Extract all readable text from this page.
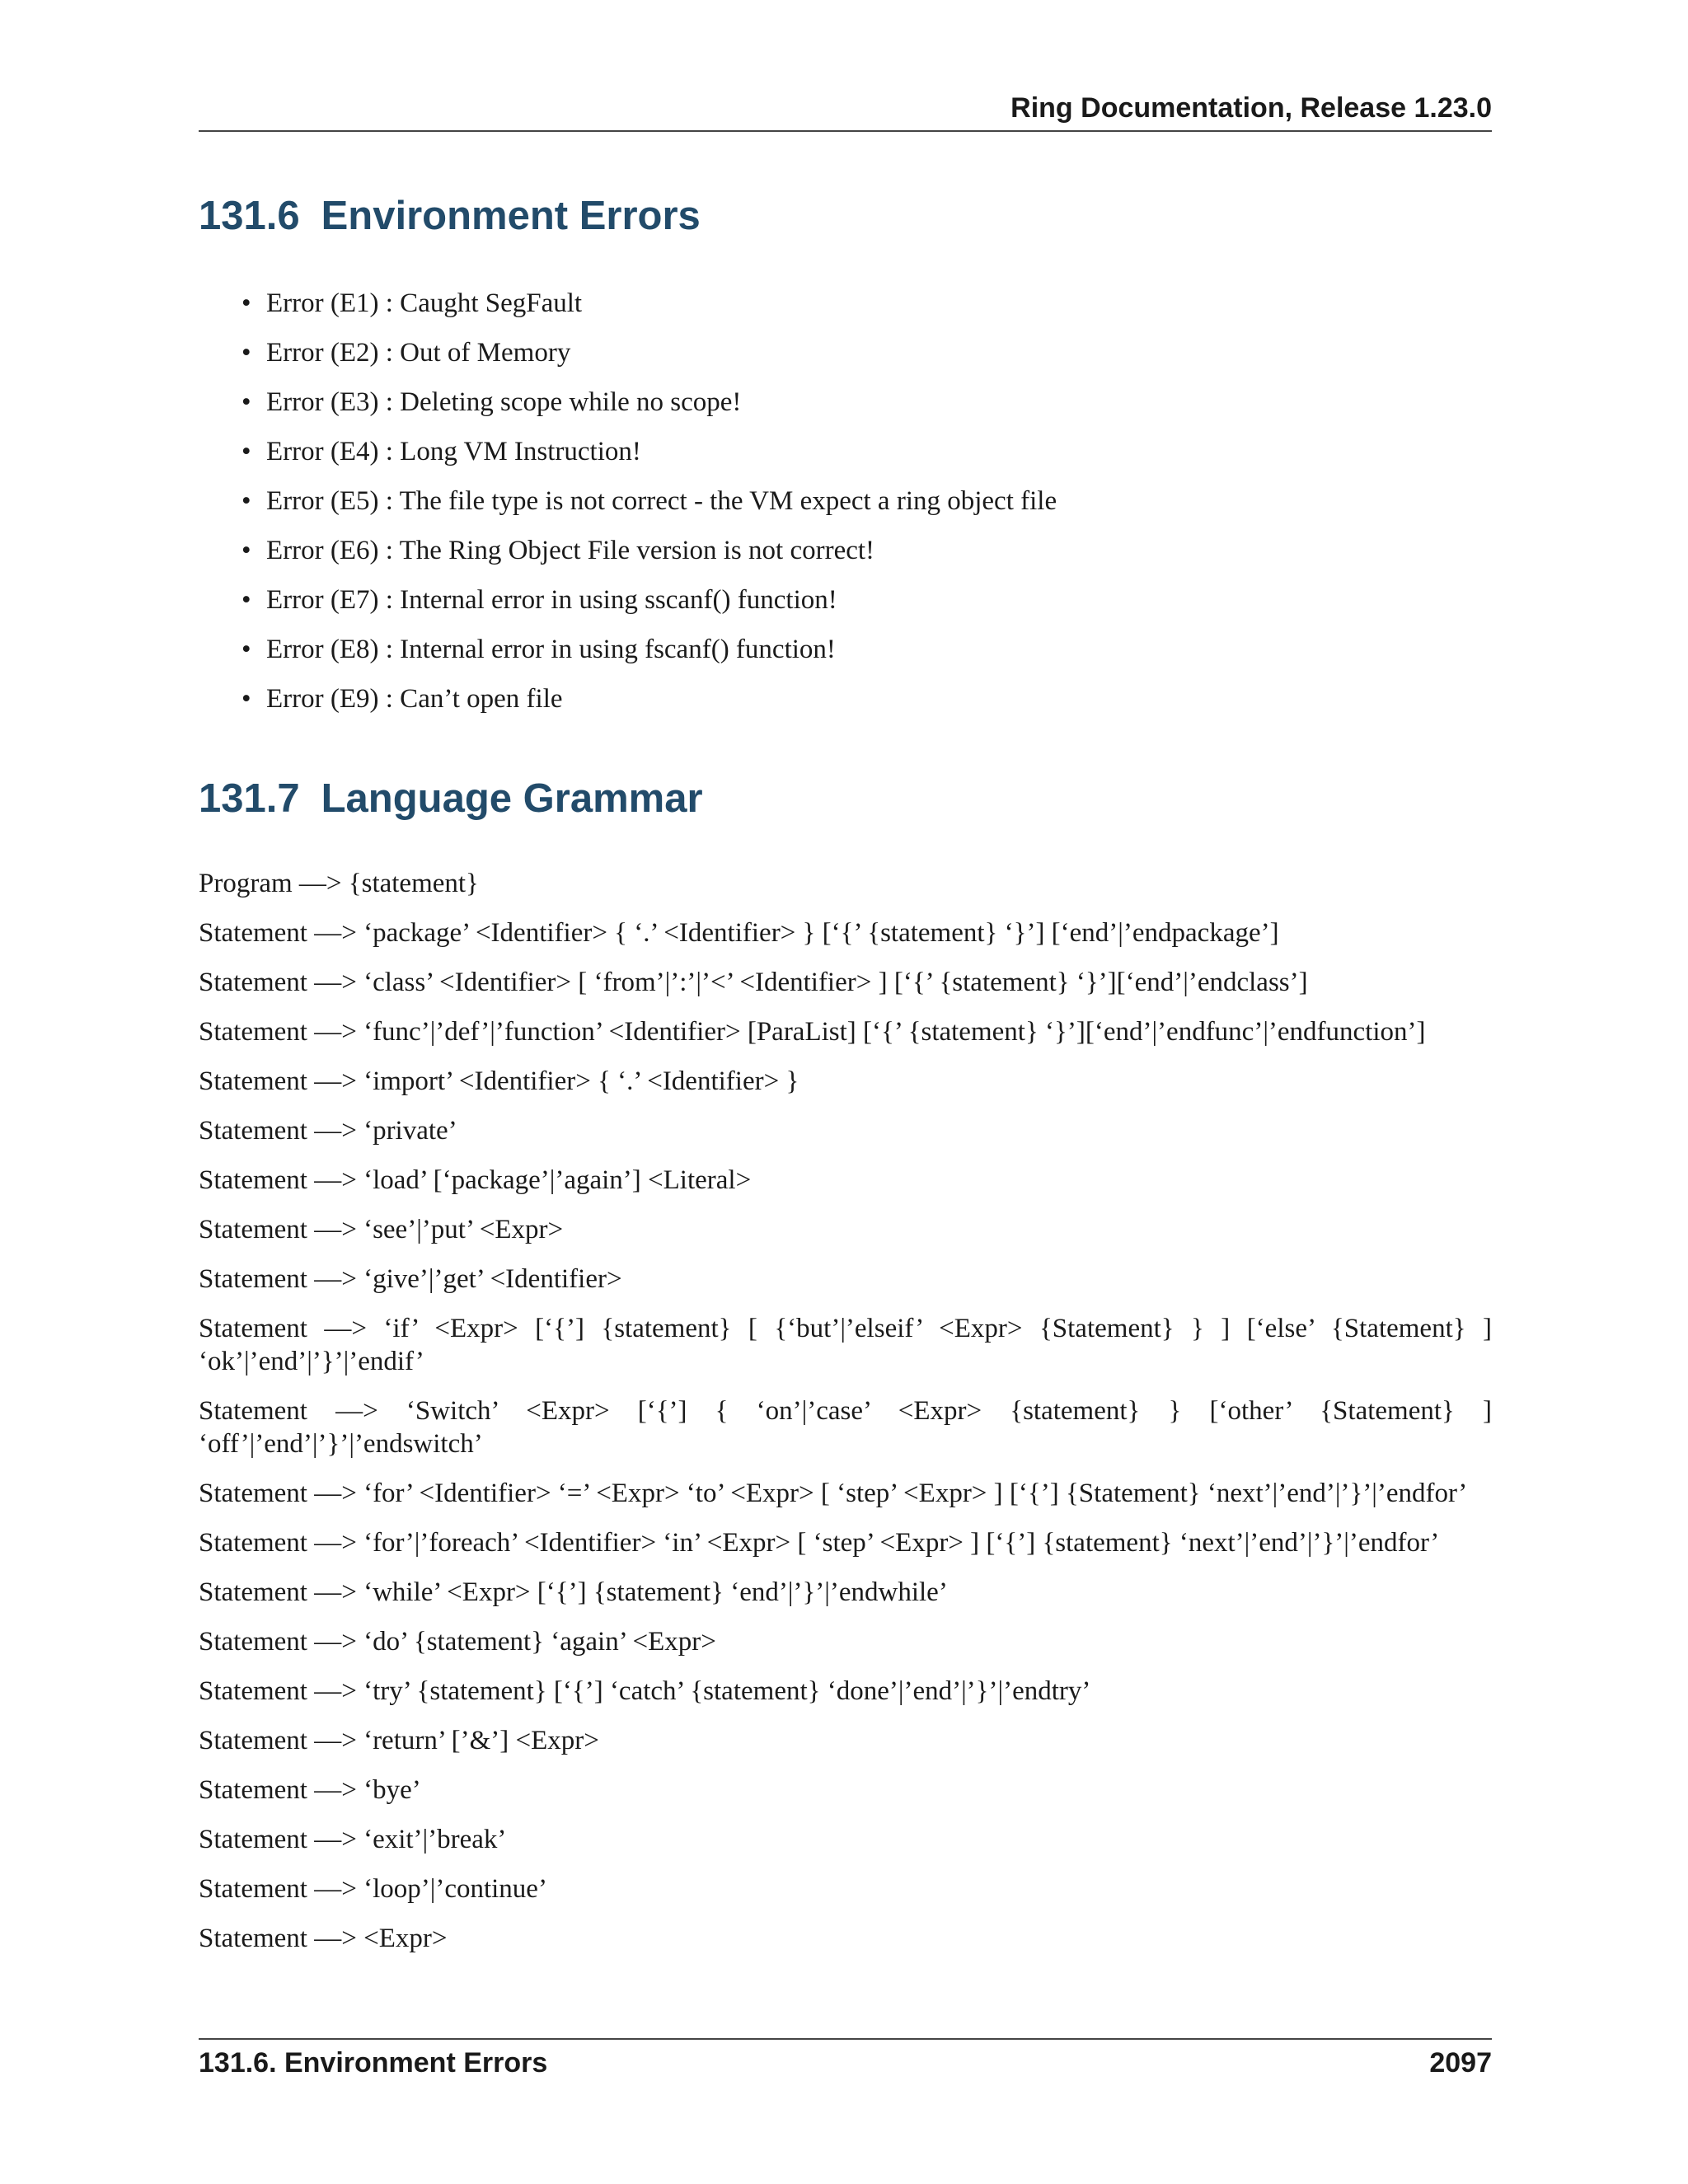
Ring Documentation, Release 1.23.0
131.6 Environment Errors
• Error (E1) : Caught SegFault
• Error (E2) : Out of Memory
• Error (E3) : Deleting scope while no scope!
• Error (E4) : Long VM Instruction!
• Error (E5) : The file type is not correct - the VM expect a ring object file
• Error (E6) : The Ring Object File version is not correct!
• Error (E7) : Internal error in using sscanf() function!
• Error (E8) : Internal error in using fscanf() function!
• Error (E9) : Can’t open file
131.7 Language Grammar

Program —> {statement}

Statement —> ‘package’ <Identifier> { ‘.’ <Identifier> } [‘{’ {statement} ‘}’] [‘end’|’endpackage’]

Statement —> ‘class’ <Identifier> [ ‘from’|’:’|’<’ <Identifier> ] [‘{’ {statement} ‘}’][‘end’|’endclass’]

Statement —> ‘func’|’def’|’function’ <Identifier> [ParaList] [‘{’ {statement} ‘}’][‘end’|’endfunc’|’endfunction’]

Statement —> ‘import’ <Identifier> { ‘.’ <Identifier> }

Statement —> ‘private’

Statement —> ‘load’ [‘package’|’again’] <Literal>

Statement —> ‘see’|’put’ <Expr>

Statement —> ‘give’|’get’ <Identifier>

Statement —> ‘if’ <Expr> [‘{’] {statement} [ {‘but’|’elseif’ <Expr> {Statement} } ] [‘else’ {Statement} ] ‘ok’|’end’|’}’|’endif’

Statement —> ‘Switch’ <Expr> [‘{’] { ‘on’|’case’ <Expr> {statement} } [‘other’ {Statement} ] ‘off’|’end’|’}’|’endswitch’

Statement —> ‘for’ <Identifier> ‘=’ <Expr> ‘to’ <Expr> [ ‘step’ <Expr> ] [‘{’] {Statement} ‘next’|’end’|’}’|’endfor’

Statement —> ‘for’|’foreach’ <Identifier> ‘in’ <Expr> [ ‘step’ <Expr> ] [‘{’] {statement} ‘next’|’end’|’}’|’endfor’

Statement —> ‘while’ <Expr> [‘{’] {statement} ‘end’|’}’|’endwhile’

Statement —> ‘do’ {statement} ‘again’ <Expr>

Statement —> ‘try’ {statement} [‘{’] ‘catch’ {statement} ‘done’|’end’|’}’|’endtry’

Statement —> ‘return’ [’&’] <Expr>

Statement —> ‘bye’

Statement —> ‘exit’|’break’

Statement —> ‘loop’|’continue’

Statement —> <Expr>

131.6. Environment Errors	2097
